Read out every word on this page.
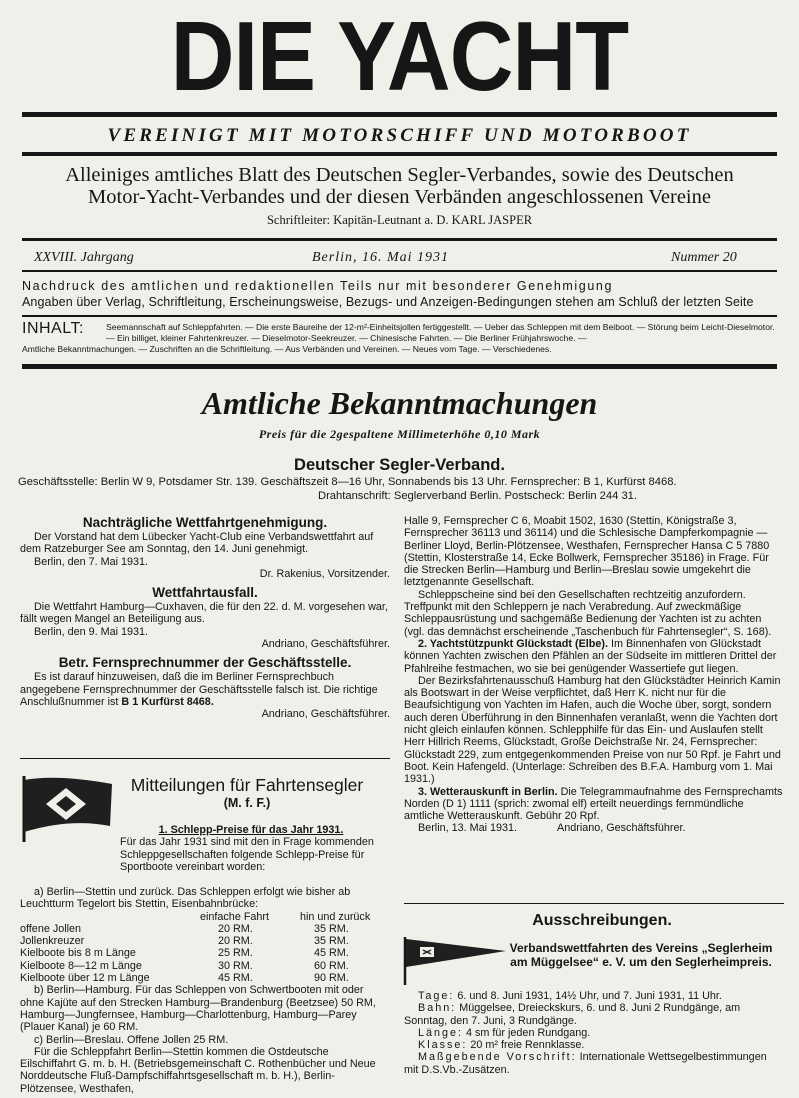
DIE YACHT
VEREINIGT MIT MOTORSCHIFF UND MOTORBOOT
Alleiniges amtliches Blatt des Deutschen Segler-Verbandes, sowie des Deutschen
Motor-Yacht-Verbandes und der diesen Verbänden angeschlossenen Vereine
Schriftleiter: Kapitän-Leutnant a. D. KARL JASPER
XXVIII. Jahrgang	Berlin, 16. Mai 1931	Nummer 20
Nachdruck des amtlichen und redaktionellen Teils nur mit besonderer Genehmigung
Angaben über Verlag, Schriftleitung, Erscheinungsweise, Bezugs- und Anzeigen-Bedingungen stehen am Schluß der letzten Seite
INHALT:	Seemannschaft auf Schleppfahrten. — Die erste Baureihe der 12-m²-Einheitsjollen fertiggestellt. — Ueber das Schleppen mit dem Beiboot. — Störung beim Leicht-Dieselmotor. — Ein billiget, kleiner Fahrtenkreuzer. — Dieselmotor-Seekreuzer. — Chinesische Fahrten. — Die Berliner Frühjahrswoche. —
Amtliche Bekanntmachungen. — Zuschriften an die Schriftleitung. — Aus Verbänden und Vereinen. — Neues vom Tage. — Verschiedenes.
Amtliche Bekanntmachungen
Preis für die 2gespaltene Millimeterhöhe 0,10 Mark
Deutscher Segler-Verband.
Geschäftsstelle: Berlin W 9, Potsdamer Str. 139. Geschäftszeit 8—16 Uhr, Sonnabends bis 13 Uhr. Fernsprecher: B 1, Kurfürst 8468.
Drahtanschrift: Seglerverband Berlin. Postscheck: Berlin 244 31.

Nachträgliche Wettfahrtgenehmigung.

Der Vorstand hat dem Lübecker Yacht-Club eine Verbandswettfahrt auf dem Ratzeburger See am Sonntag, den 14. Juni genehmigt.

Berlin, den 7. Mai 1931.

Dr. Rakenius, Vorsitzender.

Wettfahrtausfall.

Die Wettfahrt Hamburg—Cuxhaven, die für den 22. d. M. vorgesehen war, fällt wegen Mangel an Beteiligung aus.

Berlin, den 9. Mai 1931.

Andriano, Geschäftsführer.

Betr. Fernsprechnummer der Geschäftsstelle.

Es ist darauf hinzuweisen, daß die im Berliner Fernsprechbuch angegebene Fernsprechnummer der Geschäftsstelle falsch ist. Die richtige Anschlußnummer ist B 1 Kurfürst 8468.

Andriano, Geschäftsführer.

Mitteilungen für Fahrtensegler
(M. f. F.)

1. Schlepp-Preise für das Jahr 1931.

Für das Jahr 1931 sind mit den in Frage kommenden Schleppgesellschaften folgende Schlepp-Preise für Sportboote vereinbart worden:

a) Berlin—Stettin und zurück. Das Schleppen erfolgt wie bisher ab Leuchtturm Tegelort bis Stettin, Eisenbahnbrücke:

	einfache Fahrt	hin und zurück
offene Jollen	20 RM.	35 RM.
Jollenkreuzer	20 RM.	35 RM.
Kielboote bis 8 m Länge	25 RM.	45 RM.
Kielboote 8—12 m Länge	30 RM.	60 RM.
Kielboote über 12 m Länge	45 RM.	90 RM.

b) Berlin—Hamburg. Für das Schleppen von Schwertbooten mit oder ohne Kajüte auf den Strecken Hamburg—Brandenburg (Beetzsee) 50 RM, Hamburg—Jungfernsee, Hamburg—Charlottenburg, Hamburg—Parey (Plauer Kanal) je 60 RM.

c) Berlin—Breslau. Offene Jollen 25 RM.

Für die Schleppfahrt Berlin—Stettin kommen die Ostdeutsche Eilschiffahrt G. m. b. H. (Betriebsgemeinschaft C. Rothenbücher und Neue Norddeutsche Fluß-Dampfschiffahrtsgesellschaft m. b. H.), Berlin-Plötzensee, Westhafen,

Halle 9, Fernsprecher C 6, Moabit 1502, 1630 (Stettin, Königstraße 3, Fernsprecher 36113 und 36114) und die Schlesische Dampferkompagnie — Berliner Lloyd, Berlin-Plötzensee, Westhafen, Fernsprecher Hansa C 5 7880 (Stettin, Klosterstraße 14, Ecke Bollwerk, Fernsprecher 35186) in Frage. Für die Strecken Berlin—Hamburg und Berlin—Breslau sowie umgekehrt die letztgenannte Gesellschaft.

Schleppscheine sind bei den Gesellschaften rechtzeitig anzufordern. Treffpunkt mit den Schleppern je nach Verabredung. Auf zweckmäßige Schleppausrüstung und sachgemäße Bedienung der Yachten ist zu achten (vgl. das demnächst erscheinende „Taschenbuch für Fahrtensegler“, S. 168).

2. Yachtstützpunkt Glückstadt (Elbe). Im Binnenhafen von Glückstadt können Yachten zwischen den Pfählen an der Südseite im mittleren Drittel der Pfahlreihe festmachen, wo sie bei genügender Wassertiefe gut liegen.

Der Bezirksfahrtenausschuß Hamburg hat den Glückstädter Heinrich Kamin als Bootswart in der Weise verpflichtet, daß Herr K. nicht nur für die Beaufsichtigung von Yachten im Hafen, auch die Woche über, sorgt, sondern auch deren Überführung in den Binnenhafen veranlaßt, wenn die Yachten dort nicht gleich einlaufen können. Schlepphilfe für das Ein- und Auslaufen stellt Herr Hillrich Reems, Glückstadt, Große Deichstraße Nr. 24, Fernsprecher: Glückstadt 229, zum entgegenkommenden Preise von nur 50 Rpf. je Fahrt und Boot. Kein Hafengeld. (Unterlage: Schreiben des B.F.A. Hamburg vom 1. Mai 1931.)

3. Wetterauskunft in Berlin. Die Telegrammaufnahme des Fernsprechamts Norden (D 1) 1111 (sprich: zwomal elf) erteilt neuerdings fernmündliche amtliche Wetterauskunft. Gebühr 20 Rpf.

Berlin, 13. Mai 1931.	Andriano, Geschäftsführer.

Ausschreibungen.
Verbandswettfahrten des Vereins „Seglerheim am Müggelsee“ e. V. um den Seglerheimpreis.

Tage: 6. und 8. Juni 1931, 14½ Uhr, und 7. Juni 1931, 11 Uhr.

Bahn: Müggelsee, Dreieckskurs, 6. und 8. Juni 2 Rundgänge, am Sonntag, den 7. Juni, 3 Rundgänge.

Länge: 4 sm für jeden Rundgang.

Klasse: 20 m² freie Rennklasse.

Maßgebende Vorschrift: Internationale Wettsegelbestimmungen mit D.S.Vb.-Zusätzen.
